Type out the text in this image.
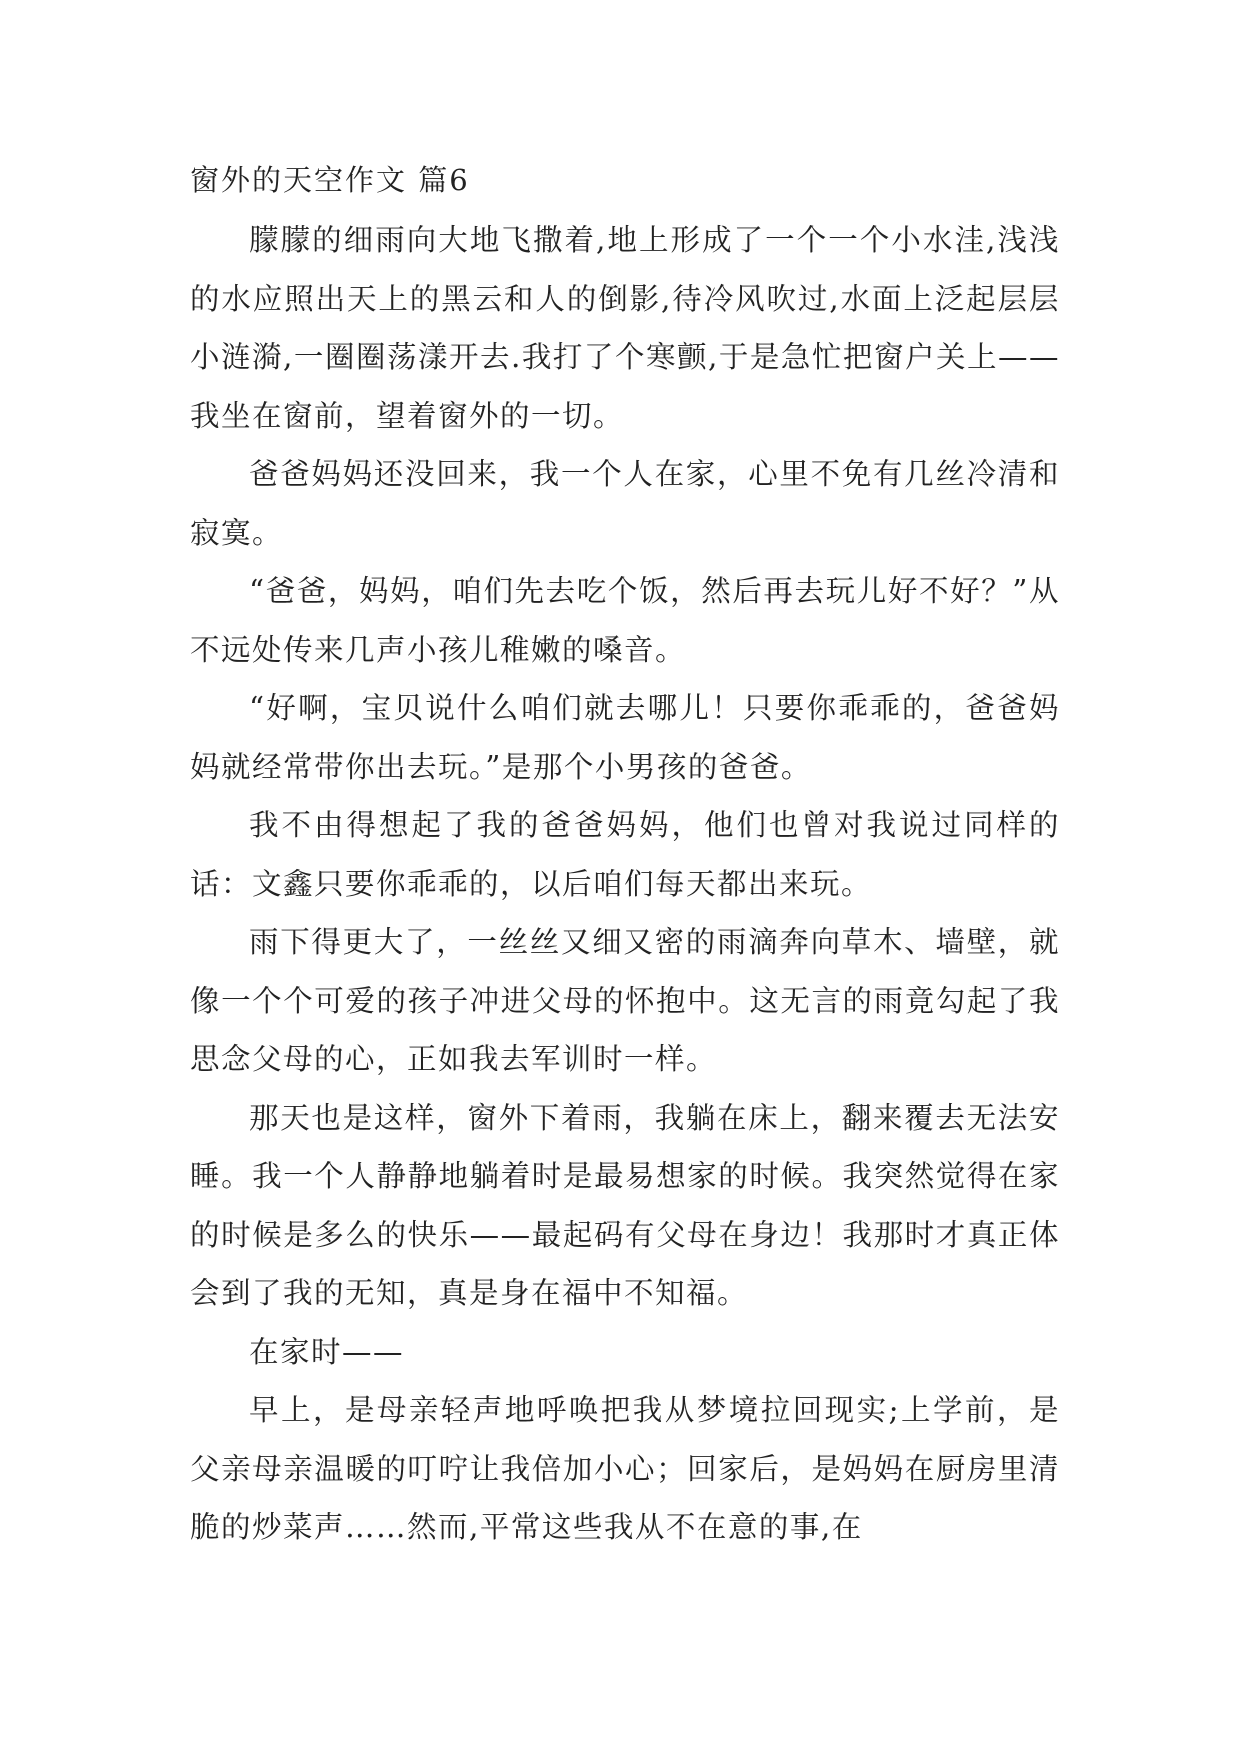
窗外的天空作文 篇6

朦朦的细雨向大地飞撒着,地上形成了一个一个小水洼,浅浅的水应照出天上的黑云和人的倒影,待冷风吹过,水面上泛起层层小涟漪,一圈圈荡漾开去.我打了个寒颤,于是急忙把窗户关上——我坐在窗前，望着窗外的一切。

爸爸妈妈还没回来，我一个人在家，心里不免有几丝冷清和寂寞。

“爸爸，妈妈，咱们先去吃个饭，然后再去玩儿好不好？”从不远处传来几声小孩儿稚嫩的嗓音。

“好啊，宝贝说什么咱们就去哪儿！只要你乖乖的，爸爸妈妈就经常带你出去玩。”是那个小男孩的爸爸。

我不由得想起了我的爸爸妈妈，他们也曾对我说过同样的话：文鑫只要你乖乖的，以后咱们每天都出来玩。

雨下得更大了，一丝丝又细又密的雨滴奔向草木、墙壁，就像一个个可爱的孩子冲进父母的怀抱中。这无言的雨竟勾起了我思念父母的心，正如我去军训时一样。

那天也是这样，窗外下着雨，我躺在床上，翻来覆去无法安睡。我一个人静静地躺着时是最易想家的时候。我突然觉得在家的时候是多么的快乐——最起码有父母在身边！我那时才真正体会到了我的无知，真是身在福中不知福。

在家时——

早上，是母亲轻声地呼唤把我从梦境拉回现实;上学前，是父亲母亲温暖的叮咛让我倍加小心；回家后，是妈妈在厨房里清脆的炒菜声……然而,平常这些我从不在意的事,在
